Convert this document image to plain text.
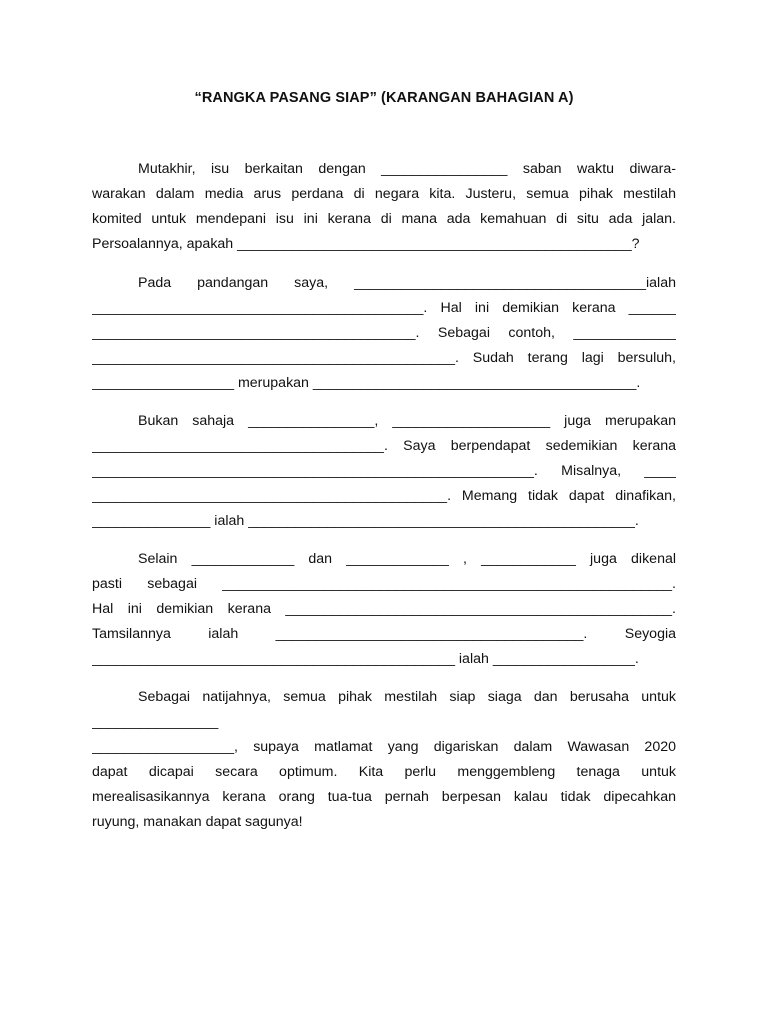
“RANGKA PASANG SIAP” (KARANGAN BAHAGIAN A)
Mutakhir, isu berkaitan dengan ________________ saban waktu diwara-
warakan dalam media arus perdana di negara kita. Justeru, semua pihak mestilah
komited untuk mendepani isu ini kerana di mana ada kemahuan di situ ada jalan.
Persoalannya, apakah __________________________________________________?
Pada pandangan saya, _____________________________________ialah
__________________________________________. Hal ini demikian kerana ______
_________________________________________. Sebagai contoh, _____________
______________________________________________. Sudah terang lagi bersuluh,
__________________ merupakan _________________________________________.
Bukan sahaja ________________, ____________________ juga merupakan
_____________________________________. Saya berpendapat sedemikian kerana
________________________________________________________. Misalnya, ____
_____________________________________________. Memang tidak dapat dinafikan,
_______________ ialah _________________________________________________.
Selain _____________ dan _____________ , ____________ juga dikenal
pasti sebagai _________________________________________________________.
Hal ini demikian kerana _________________________________________________.
Tamsilannya ialah _______________________________________. Seyogia
______________________________________________ ialah __________________.
Sebagai natijahnya, semua pihak mestilah siap siaga dan berusaha untuk
________________
__________________, supaya matlamat yang digariskan dalam Wawasan 2020
dapat dicapai secara optimum. Kita perlu menggembleng tenaga untuk
merealisasikannya kerana orang tua-tua pernah berpesan kalau tidak dipecahkan
ruyung, manakan dapat sagunya!
